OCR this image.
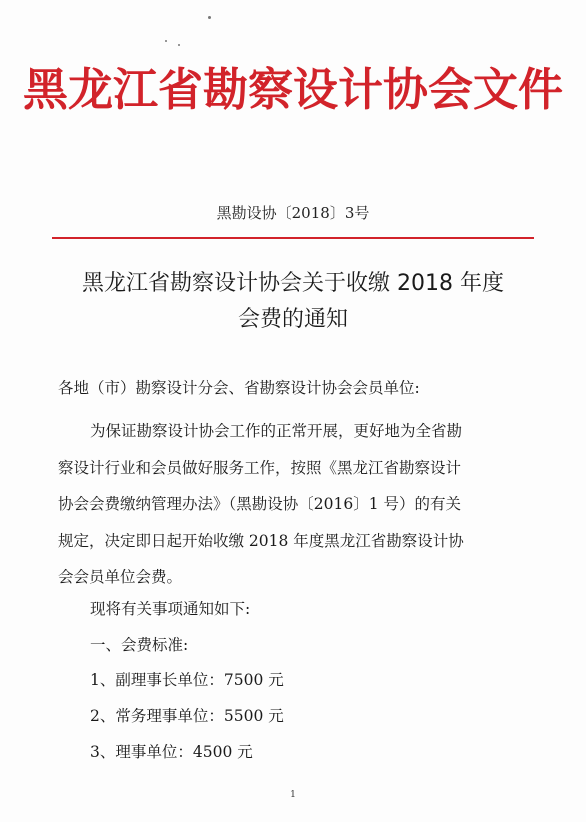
黑龙江省勘察设计协会文件
黑勘设协〔2018〕3号
黑龙江省勘察设计协会关于收缴 2018 年度
会费的通知
各地（市）勘察设计分会、省勘察设计协会会员单位:
为保证勘察设计协会工作的正常开展，更好地为全省勘
察设计行业和会员做好服务工作，按照《黑龙江省勘察设计
协会会费缴纳管理办法》（黑勘设协〔2016〕1 号）的有关
规定，决定即日起开始收缴 2018 年度黑龙江省勘察设计协
会会员单位会费。
现将有关事项通知如下:
一、会费标准:
1、副理事长单位：7500 元
2、常务理事单位：5500 元
3、理事单位：4500 元
1
